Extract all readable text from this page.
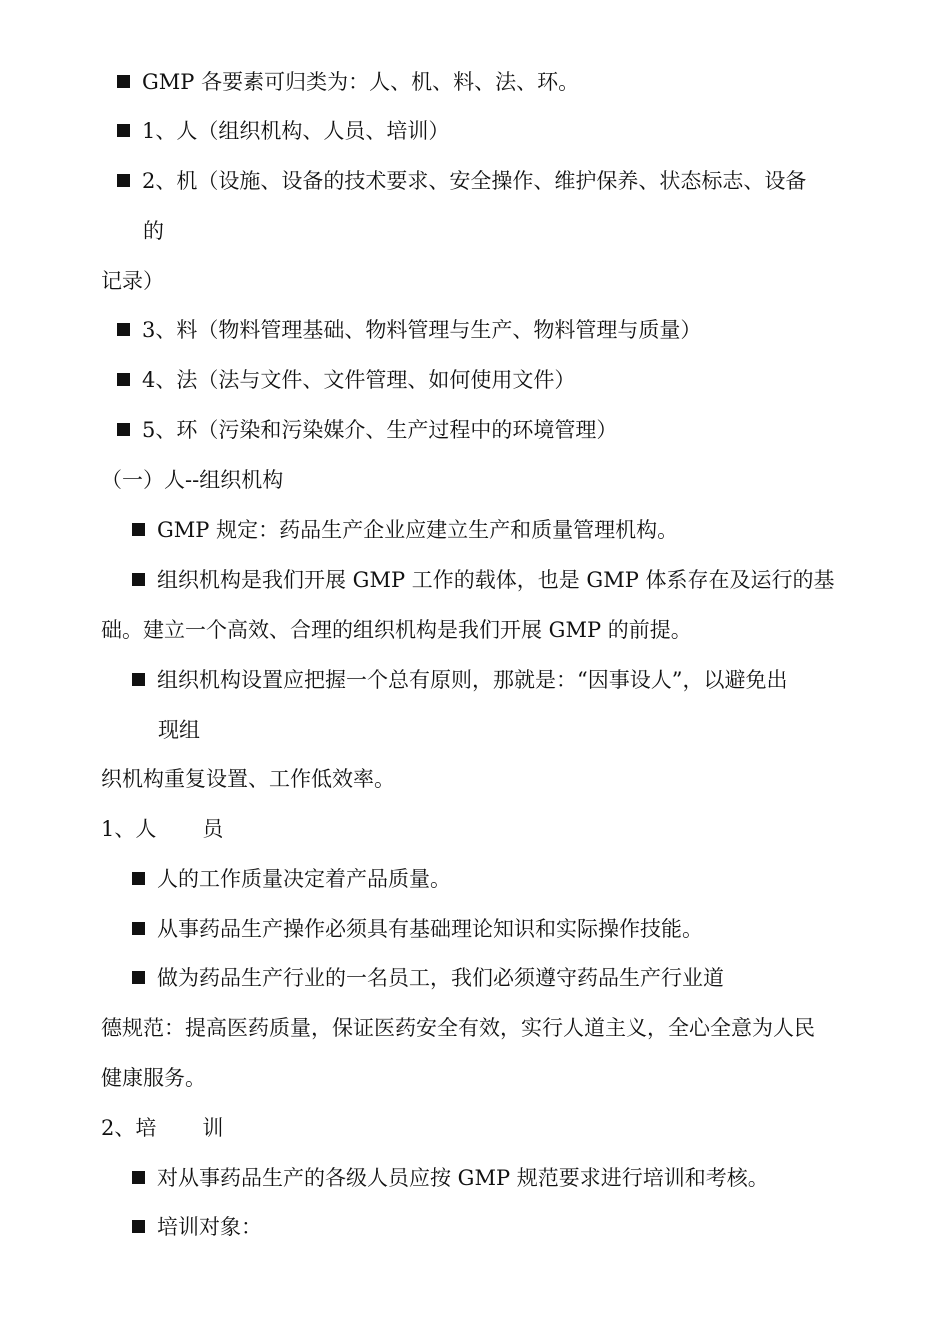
GMP 各要素可归类为：人、机、料、法、环。
1、人（组织机构、人员、培训）
2、机（设施、设备的技术要求、安全操作、维护保养、状态标志、设备
的
记录）
3、料（物料管理基础、物料管理与生产、物料管理与质量）
4、法（法与文件、文件管理、如何使用文件）
5、环（污染和污染媒介、生产过程中的环境管理）
（一）人--组织机构
GMP 规定：药品生产企业应建立生产和质量管理机构。
组织机构是我们开展 GMP 工作的载体，也是 GMP 体系存在及运行的基
础。建立一个高效、合理的组织机构是我们开展 GMP 的前提。
组织机构设置应把握一个总有原则，那就是：“因事设人”，以避免出
现组
织机构重复设置、工作低效率。
1、人 员
人的工作质量决定着产品质量。
从事药品生产操作必须具有基础理论知识和实际操作技能。
做为药品生产行业的一名员工，我们必须遵守药品生产行业道
德规范：提高医药质量，保证医药安全有效，实行人道主义，全心全意为人民
健康服务。
2、培 训
对从事药品生产的各级人员应按 GMP 规范要求进行培训和考核。
培训对象：
